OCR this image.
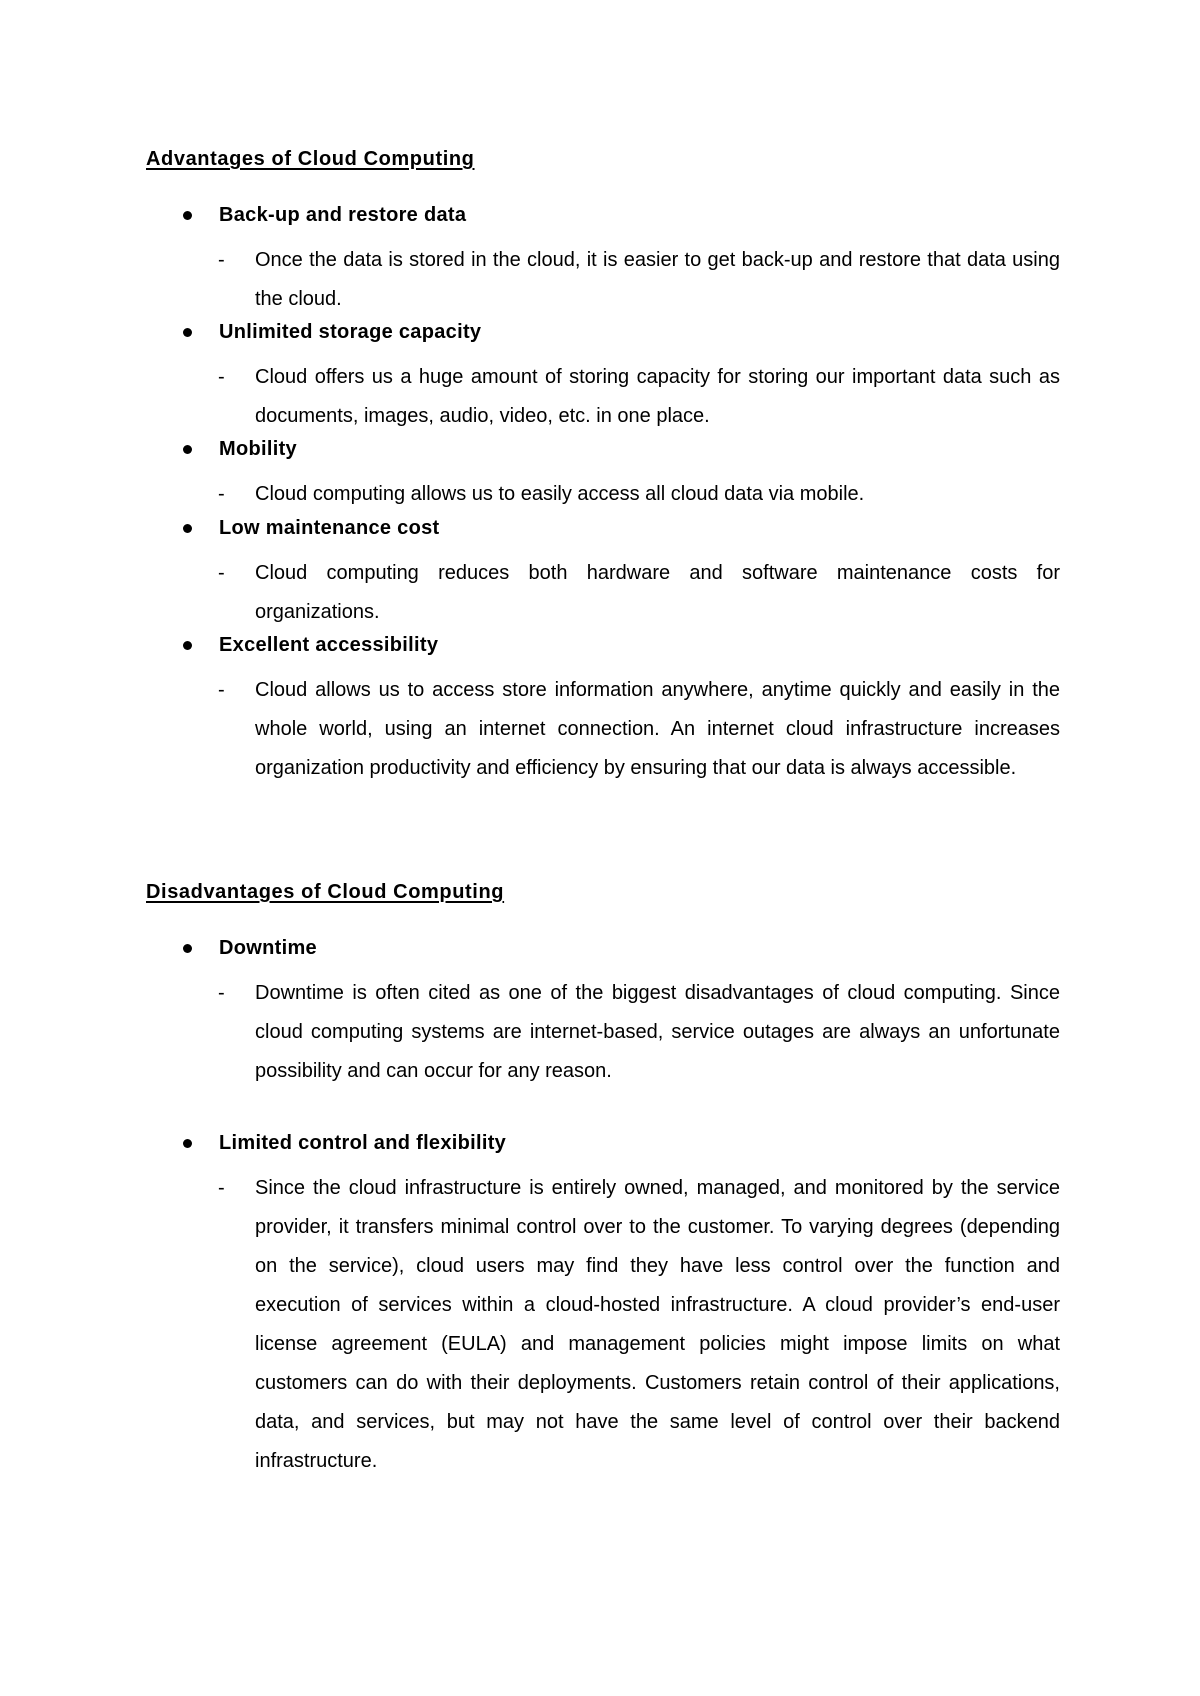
Advantages of Cloud Computing
Back-up and restore data
- Once the data is stored in the cloud, it is easier to get back-up and restore that data using the cloud.

Unlimited storage capacity
- Cloud offers us a huge amount of storing capacity for storing our important data such as documents, images, audio, video, etc. in one place.

Mobility
- Cloud computing allows us to easily access all cloud data via mobile.

Low maintenance cost
- Cloud computing reduces both hardware and software maintenance costs for organizations.

Excellent accessibility
- Cloud allows us to access store information anywhere, anytime quickly and easily in the whole world, using an internet connection. An internet cloud infrastructure increases organization productivity and efficiency by ensuring that our data is always accessible.

Disadvantages of Cloud Computing
Downtime
- Downtime is often cited as one of the biggest disadvantages of cloud computing. Since cloud computing systems are internet-based, service outages are always an unfortunate possibility and can occur for any reason.

Limited control and flexibility
- Since the cloud infrastructure is entirely owned, managed, and monitored by the service provider, it transfers minimal control over to the customer. To varying degrees (depending on the service), cloud users may find they have less control over the function and execution of services within a cloud-hosted infrastructure. A cloud provider’s end-user license agreement (EULA) and management policies might impose limits on what customers can do with their deployments. Customers retain control of their applications, data, and services, but may not have the same level of control over their backend infrastructure.
